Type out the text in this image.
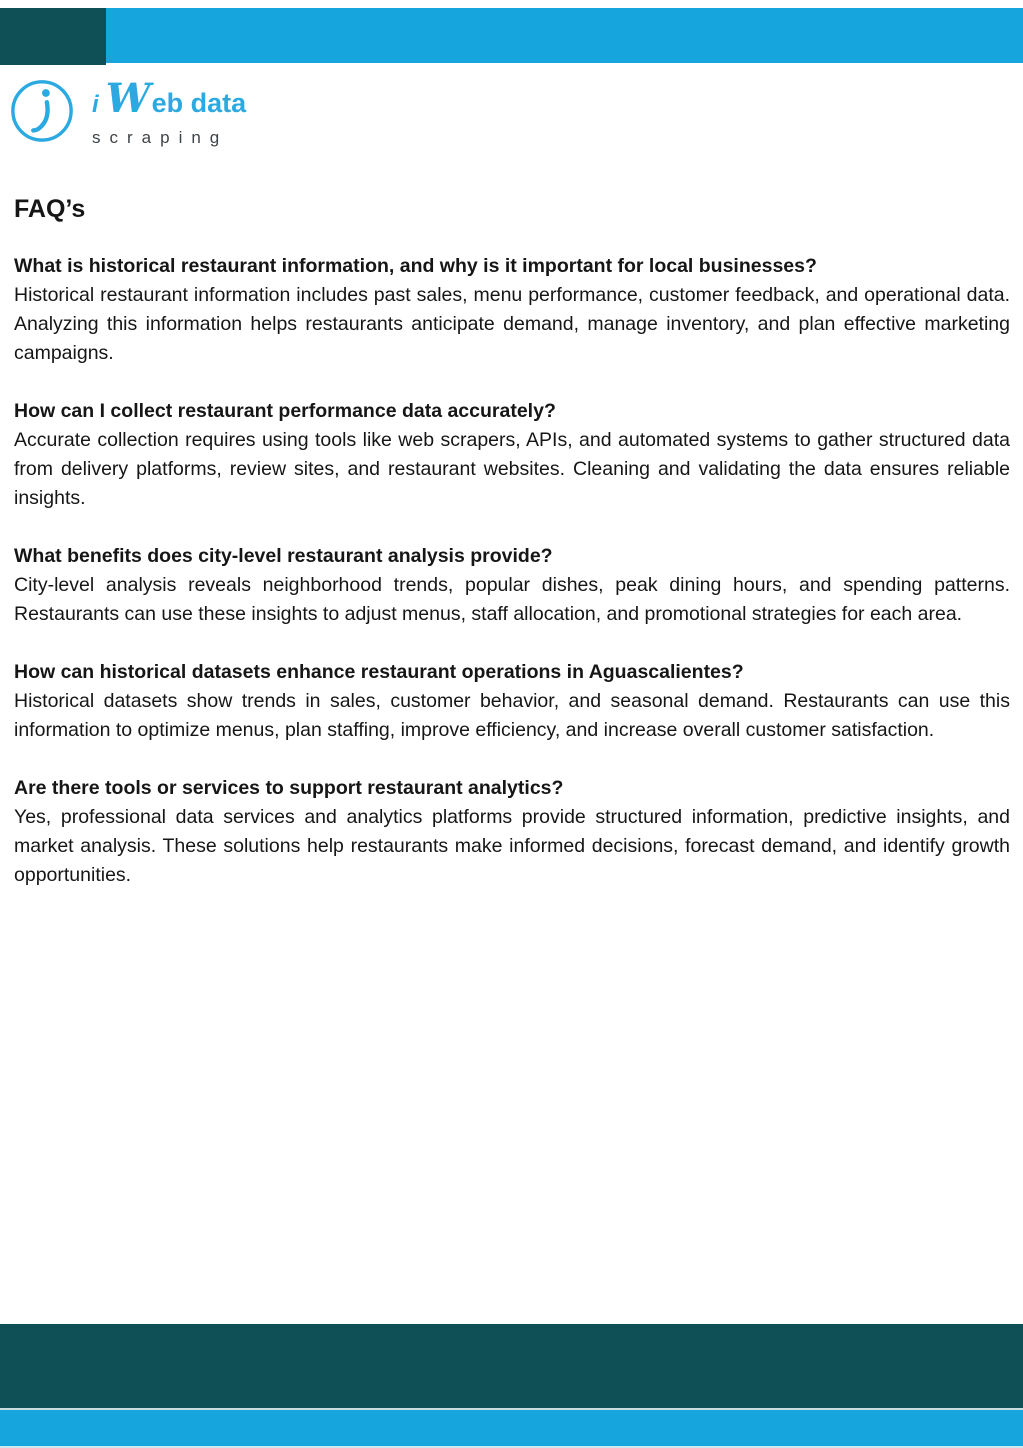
i Web data
scraping
FAQ’s
What is historical restaurant information, and why is it important for local businesses?
Historical restaurant information includes past sales, menu performance, customer feedback, and operational data. Analyzing this information helps restaurants anticipate demand, manage inventory, and plan effective marketing campaigns.
How can I collect restaurant performance data accurately?
Accurate collection requires using tools like web scrapers, APIs, and automated systems to gather structured data from delivery platforms, review sites, and restaurant websites. Cleaning and validating the data ensures reliable insights.
What benefits does city-level restaurant analysis provide?
City-level analysis reveals neighborhood trends, popular dishes, peak dining hours, and spending patterns. Restaurants can use these insights to adjust menus, staff allocation, and promotional strategies for each area.
How can historical datasets enhance restaurant operations in Aguascalientes?
Historical datasets show trends in sales, customer behavior, and seasonal demand. Restaurants can use this information to optimize menus, plan staffing, improve efficiency, and increase overall customer satisfaction.
Are there tools or services to support restaurant analytics?
Yes, professional data services and analytics platforms provide structured information, predictive insights, and market analysis. These solutions help restaurants make informed decisions, forecast demand, and identify growth opportunities.
